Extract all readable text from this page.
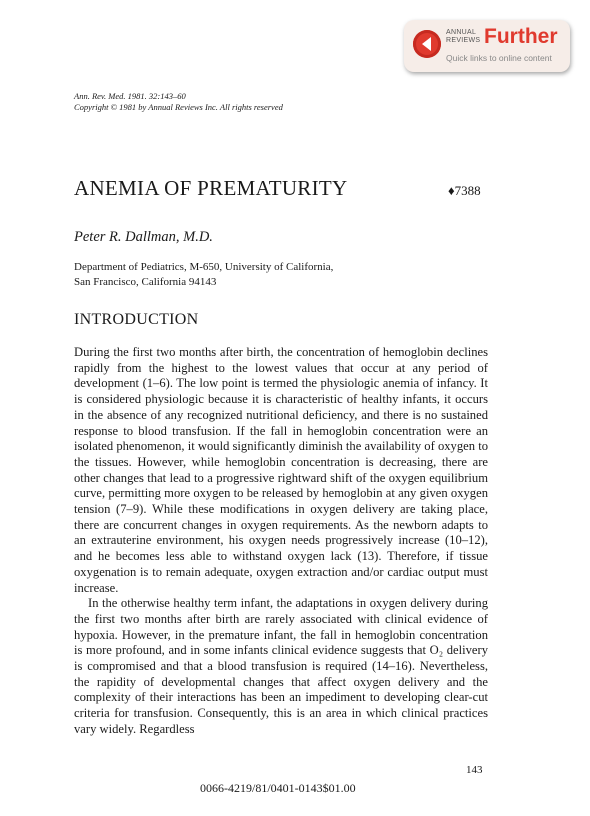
ANNUAL
REVIEWS Further
Quick links to online content
Ann. Rev. Med. 1981. 32:143–60
Copyright © 1981 by Annual Reviews Inc. All rights reserved
ANEMIA OF PREMATURITY	♦7388
Peter R. Dallman, M.D.
Department of Pediatrics, M-650, University of California,
San Francisco, California 94143
INTRODUCTION

During the first two months after birth, the concentration of hemoglobin declines rapidly from the highest to the lowest values that occur at any period of development (1–6). The low point is termed the physiologic anemia of infancy. It is considered physiologic because it is characteristic of healthy infants, it occurs in the absence of any recognized nutritional deficiency, and there is no sustained response to blood transfusion. If the fall in hemoglobin concentration were an isolated phenomenon, it would significantly diminish the availability of oxygen to the tissues. However, while hemoglobin concentration is decreasing, there are other changes that lead to a progressive rightward shift of the oxygen equilibrium curve, permitting more oxygen to be released by hemoglobin at any given oxygen tension (7–9). While these modifications in oxygen delivery are taking place, there are concurrent changes in oxygen requirements. As the newborn adapts to an extrauterine environment, his oxygen needs progressively increase (10–12), and he becomes less able to withstand oxygen lack (13). Therefore, if tissue oxygenation is to remain adequate, oxygen extraction and/or cardiac output must increase.

In the otherwise healthy term infant, the adaptations in oxygen delivery during the first two months after birth are rarely associated with clinical evidence of hypoxia. However, in the premature infant, the fall in hemoglobin concentration is more profound, and in some infants clinical evidence suggests that O₂ delivery is compromised and that a blood transfusion is required (14–16). Nevertheless, the rapidity of developmental changes that affect oxygen delivery and the complexity of their interactions has been an impediment to developing clear-cut criteria for transfusion. Consequently, this is an area in which clinical practices vary widely. Regardless

143
0066-4219/81/0401-0143$01.00
